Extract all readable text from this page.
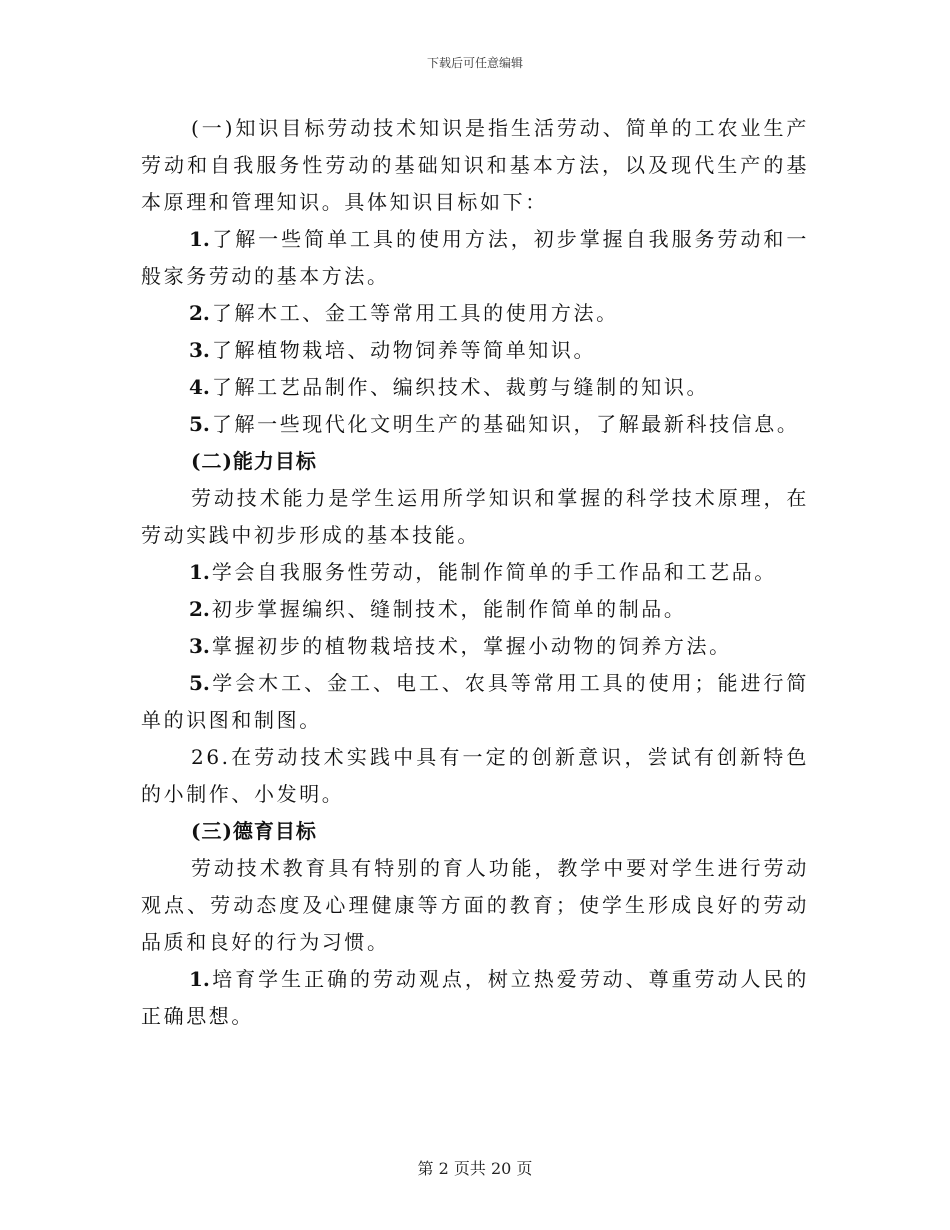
下载后可任意编辑

(一)知识目标劳动技术知识是指生活劳动、简单的工农业生产劳动和自我服务性劳动的基础知识和基本方法，以及现代生产的基本原理和管理知识。具体知识目标如下：

1. 了解一些简单工具的使用方法，初步掌握自我服务劳动和一般家务劳动的基本方法。

2. 了解木工、金工等常用工具的使用方法。

3. 了解植物栽培、动物饲养等简单知识。

4. 了解工艺品制作、编织技术、裁剪与缝制的知识。

5. 了解一些现代化文明生产的基础知识，了解最新科技信息。

(二)能力目标

劳动技术能力是学生运用所学知识和掌握的科学技术原理，在劳动实践中初步形成的基本技能。

1. 学会自我服务性劳动，能制作简单的手工作品和工艺品。

2. 初步掌握编织、缝制技术，能制作简单的制品。

3. 掌握初步的植物栽培技术，掌握小动物的饲养方法。

5. 学会木工、金工、电工、农具等常用工具的使用；能进行简单的识图和制图。

26.在劳动技术实践中具有一定的创新意识，尝试有创新特色的小制作、小发明。

(三)德育目标

劳动技术教育具有特别的育人功能，教学中要对学生进行劳动观点、劳动态度及心理健康等方面的教育；使学生形成良好的劳动品质和良好的行为习惯。

1. 培育学生正确的劳动观点，树立热爱劳动、尊重劳动人民的正确思想。

第 2 页共 20 页
